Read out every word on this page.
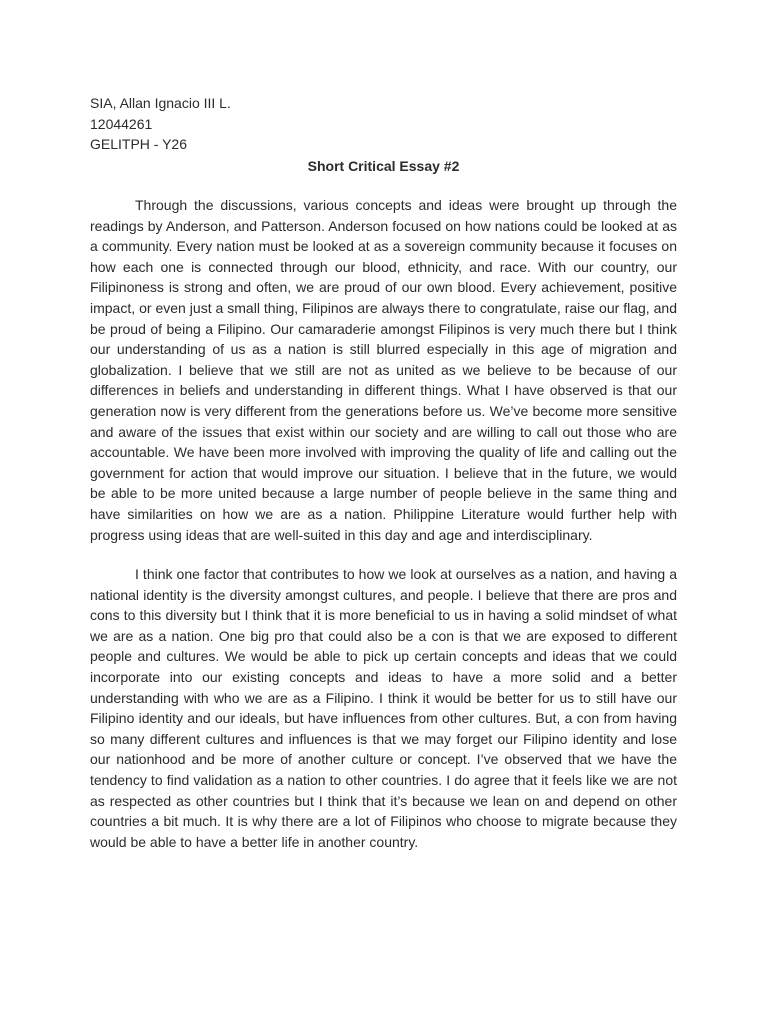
SIA, Allan Ignacio III L.

12044261

GELITPH - Y26

Short Critical Essay #2

Through the discussions, various concepts and ideas were brought up through the readings by Anderson, and Patterson. Anderson focused on how nations could be looked at as a community. Every nation must be looked at as a sovereign community because it focuses on how each one is connected through our blood, ethnicity, and race. With our country, our Filipinoness is strong and often, we are proud of our own blood. Every achievement, positive impact, or even just a small thing, Filipinos are always there to congratulate, raise our flag, and be proud of being a Filipino. Our camaraderie amongst Filipinos is very much there but I think our understanding of us as a nation is still blurred especially in this age of migration and globalization. I believe that we still are not as united as we believe to be because of our differences in beliefs and understanding in different things. What I have observed is that our generation now is very different from the generations before us. We’ve become more sensitive and aware of the issues that exist within our society and are willing to call out those who are accountable. We have been more involved with improving the quality of life and calling out the government for action that would improve our situation. I believe that in the future, we would be able to be more united because a large number of people believe in the same thing and have similarities on how we are as a nation. Philippine Literature would further help with progress using ideas that are well-suited in this day and age and interdisciplinary.

I think one factor that contributes to how we look at ourselves as a nation, and having a national identity is the diversity amongst cultures, and people. I believe that there are pros and cons to this diversity but I think that it is more beneficial to us in having a solid mindset of what we are as a nation. One big pro that could also be a con is that we are exposed to different people and cultures. We would be able to pick up certain concepts and ideas that we could incorporate into our existing concepts and ideas to have a more solid and a better understanding with who we are as a Filipino. I think it would be better for us to still have our Filipino identity and our ideals, but have influences from other cultures. But, a con from having so many different cultures and influences is that we may forget our Filipino identity and lose our nationhood and be more of another culture or concept. I’ve observed that we have the tendency to find validation as a nation to other countries. I do agree that it feels like we are not as respected as other countries but I think that it’s because we lean on and depend on other countries a bit much. It is why there are a lot of Filipinos who choose to migrate because they would be able to have a better life in another country.
